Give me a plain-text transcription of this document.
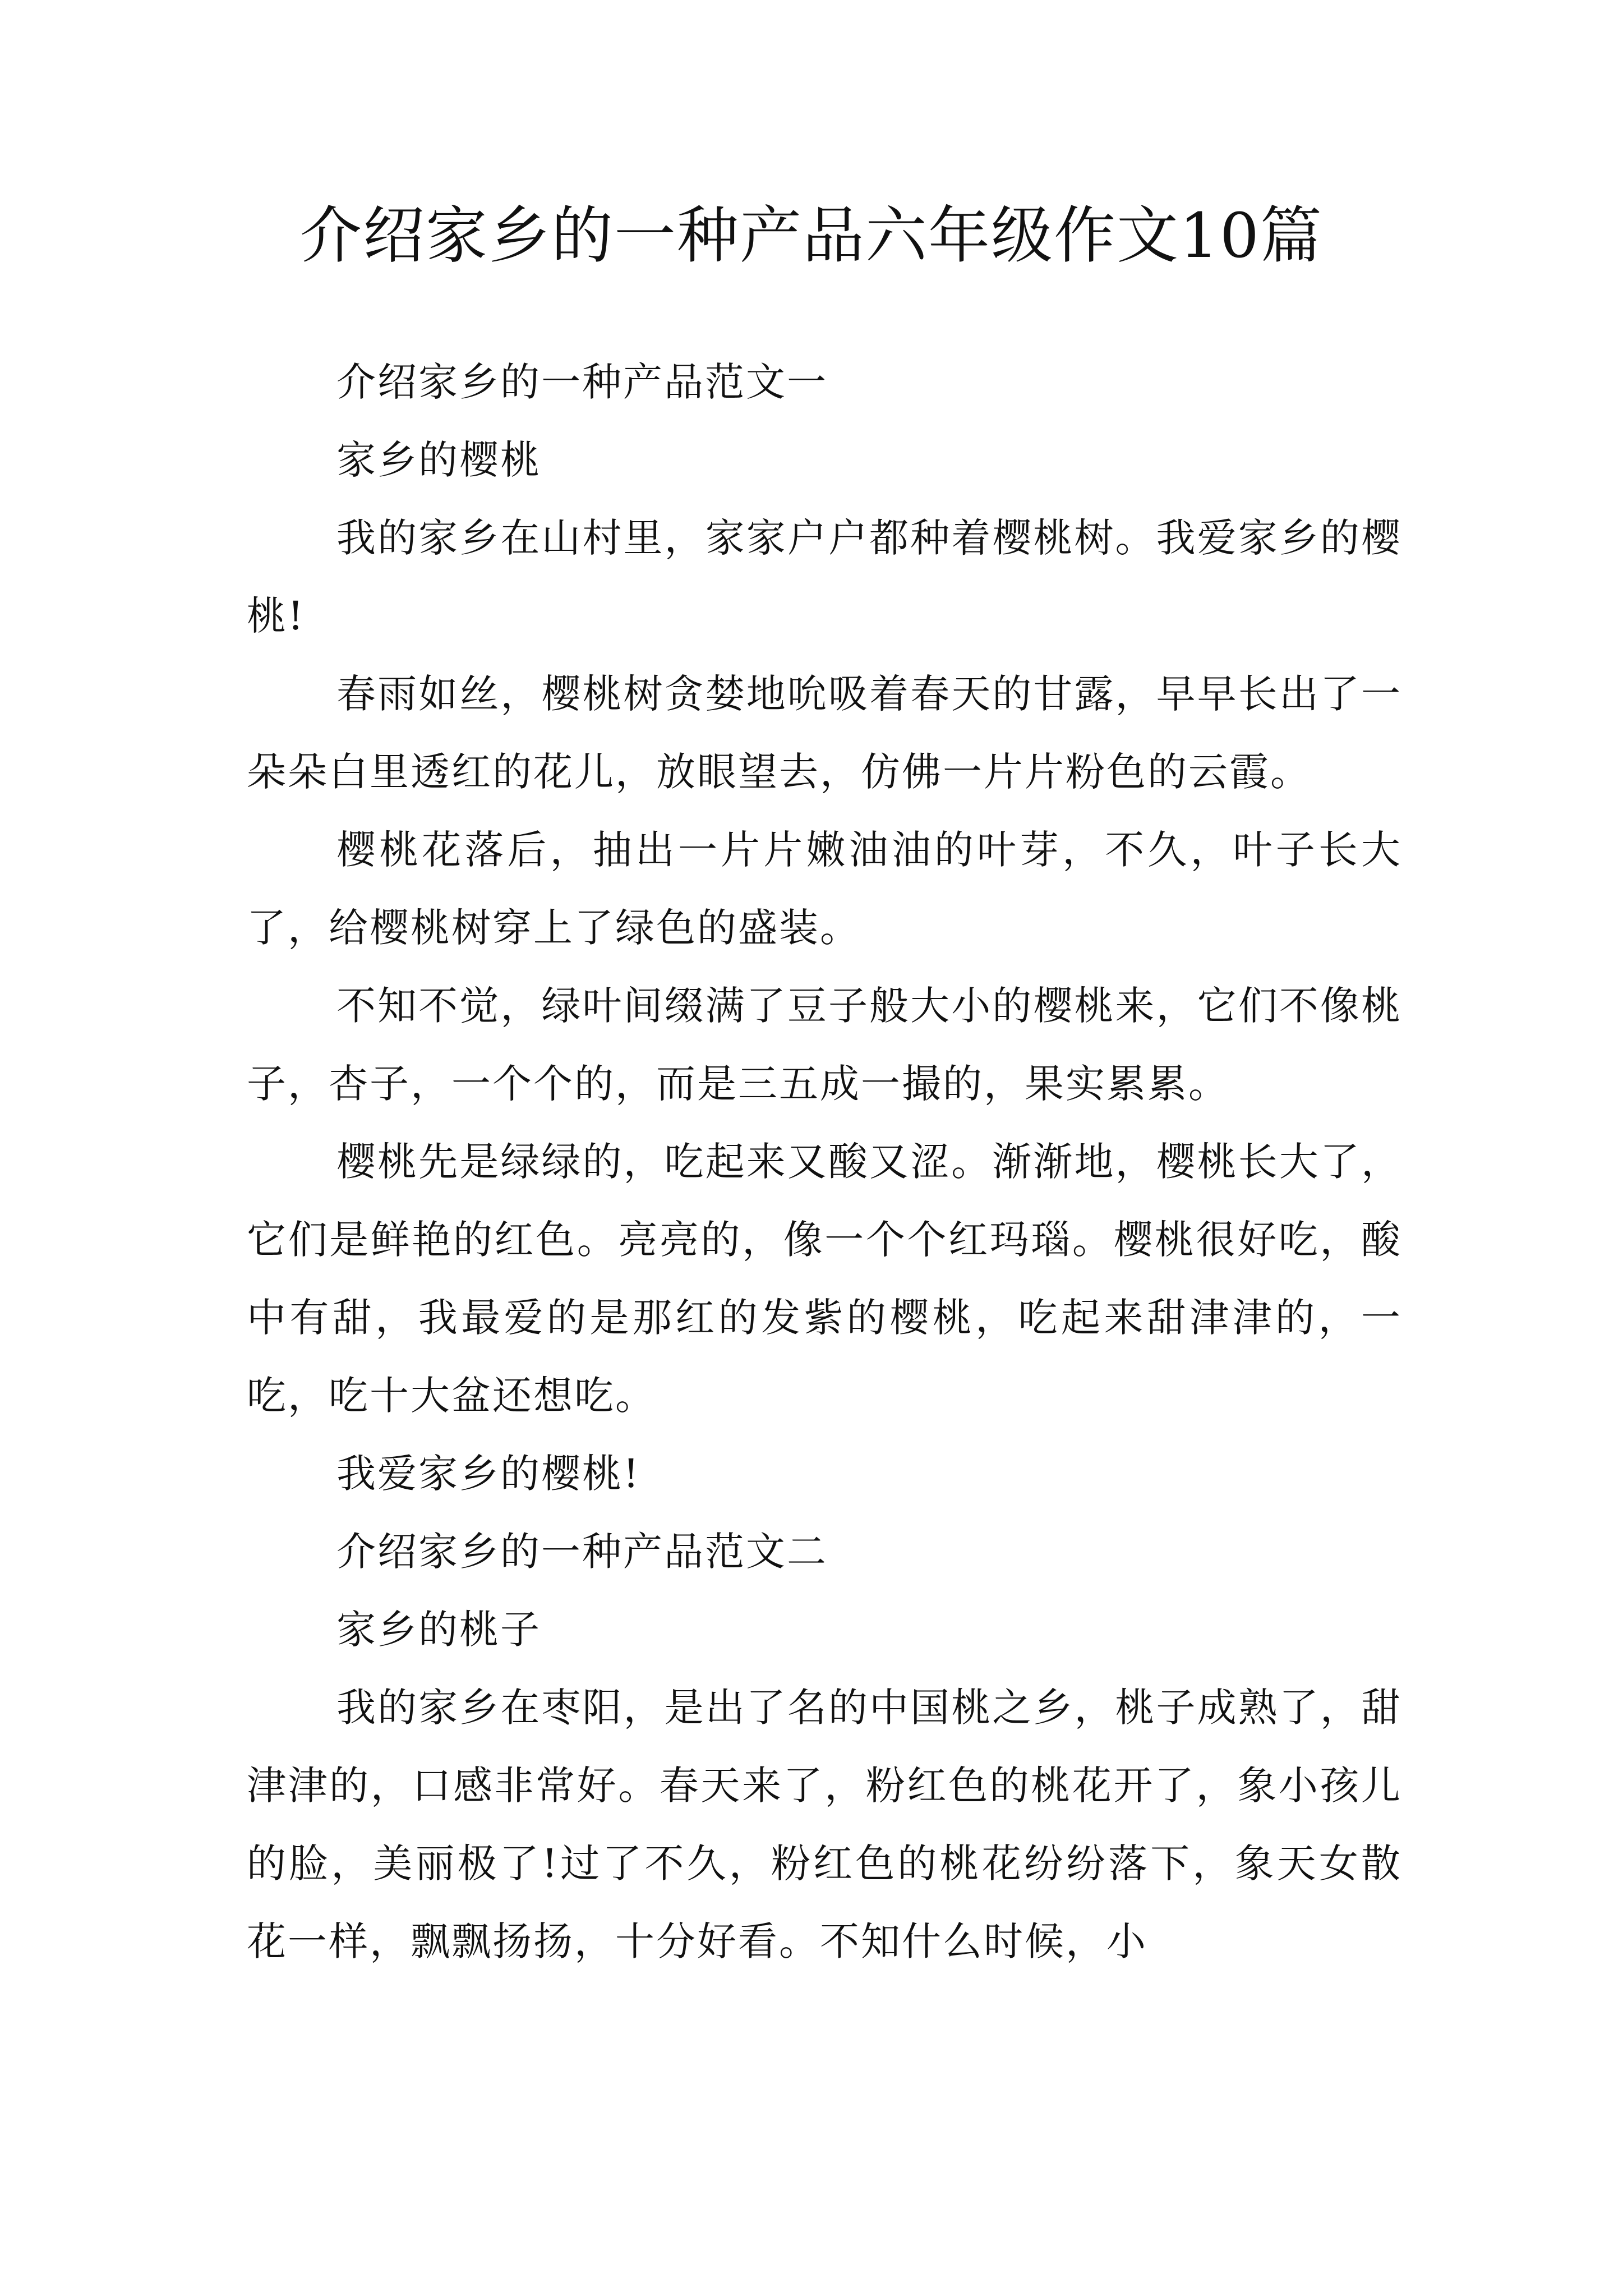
介绍家乡的一种产品六年级作文10篇

介绍家乡的一种产品范文一

家乡的樱桃

我的家乡在山村里，家家户户都种着樱桃树。我爱家乡的樱桃!

春雨如丝，樱桃树贪婪地吮吸着春天的甘露，早早长出了一朵朵白里透红的花儿，放眼望去，仿佛一片片粉色的云霞。

樱桃花落后，抽出一片片嫩油油的叶芽，不久，叶子长大了，给樱桃树穿上了绿色的盛装。

不知不觉，绿叶间缀满了豆子般大小的樱桃来，它们不像桃子，杏子，一个个的，而是三五成一撮的，果实累累。

樱桃先是绿绿的，吃起来又酸又涩。渐渐地，樱桃长大了，它们是鲜艳的红色。亮亮的，像一个个红玛瑙。樱桃很好吃，酸中有甜，我最爱的是那红的发紫的樱桃，吃起来甜津津的，一吃，吃十大盆还想吃。

我爱家乡的樱桃!

介绍家乡的一种产品范文二

家乡的桃子

我的家乡在枣阳，是出了名的中国桃之乡，桃子成熟了，甜津津的，口感非常好。春天来了，粉红色的桃花开了，象小孩儿的脸，美丽极了!过了不久，粉红色的桃花纷纷落下，象天女散花一样，飘飘扬扬，十分好看。不知什么时候，小
